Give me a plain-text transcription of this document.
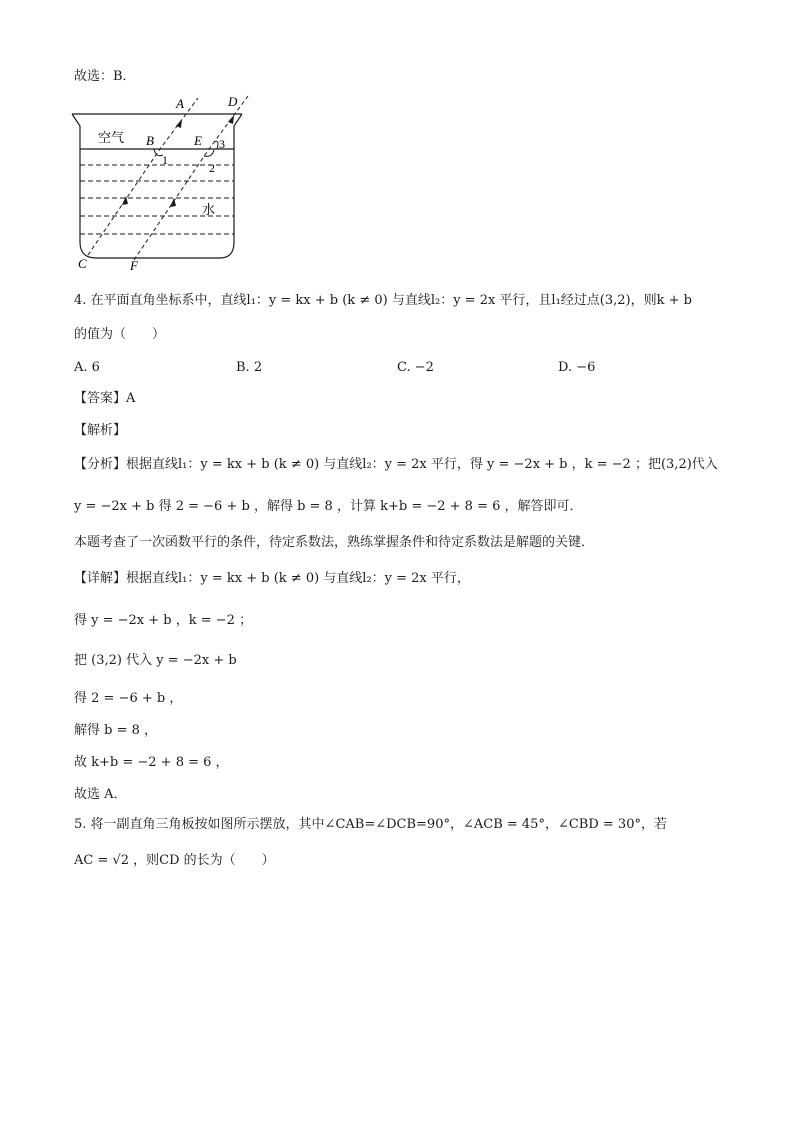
故选：B．
空气
水
A
B
C
D
E
F
1
2
3
4. 在平面直角坐标系中，直线l₁：y = kx + b (k ≠ 0) 与直线l₂：y = 2x 平行，且l₁经过点(3,2)，则k + b
的值为（　　）
A. 6	B. 2	C. −2	D. −6
【答案】A
【解析】
【分析】根据直线l₁：y = kx + b (k ≠ 0) 与直线l₂：y = 2x 平行，得 y = −2x + b ，k = −2 ；把(3,2)代入
y = −2x + b 得 2 = −6 + b ，解得 b = 8 ，计算 k+b = −2 + 8 = 6 ，解答即可．
本题考查了一次函数平行的条件，待定系数法，熟练掌握条件和待定系数法是解题的关键．
【详解】根据直线l₁：y = kx + b (k ≠ 0) 与直线l₂：y = 2x 平行，
得 y = −2x + b ，k = −2 ；
把 (3,2) 代入 y = −2x + b
得 2 = −6 + b ，
解得 b = 8 ，
故 k+b = −2 + 8 = 6 ，
故选 A．
5. 将一副直角三角板按如图所示摆放，其中∠CAB=∠DCB=90°，∠ACB = 45°，∠CBD = 30°，若
AC = √2 ，则CD 的长为（　　）
